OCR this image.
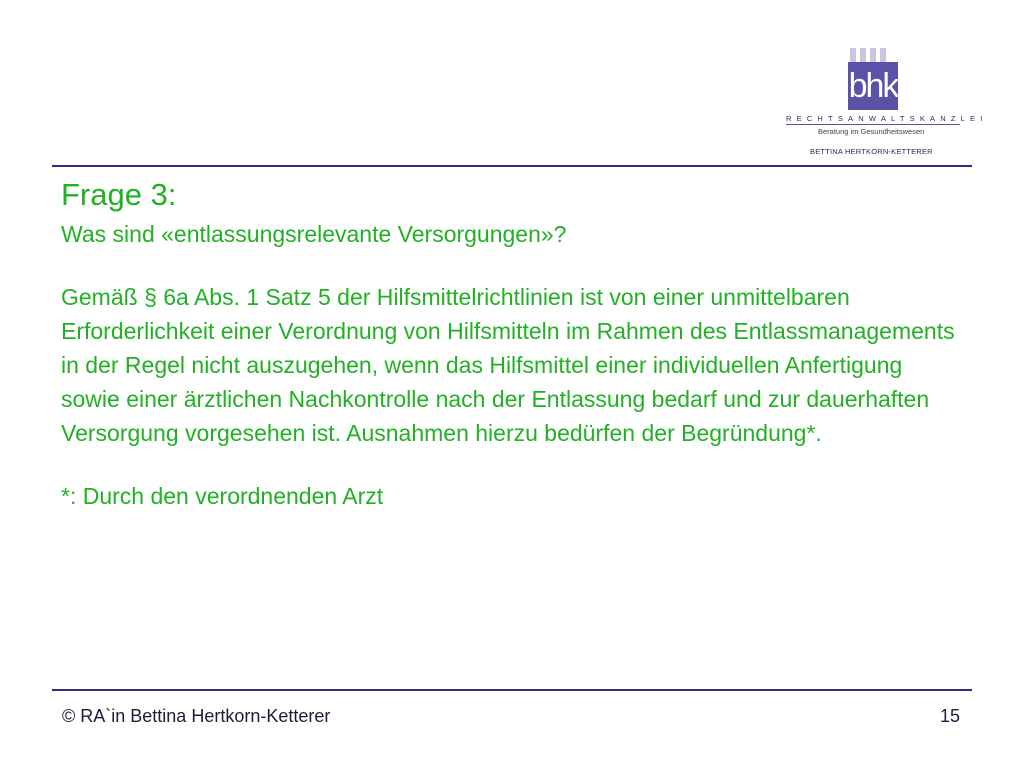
bhk
RECHTSANWALTSKANZLEI
Beratung im Gesundheitswesen
BETTINA HERTKORN-KETTERER
Frage 3:
Was sind «entlassungsrelevante Versorgungen»?
Gemäß § 6a Abs. 1 Satz 5 der Hilfsmittelrichtlinien ist von einer unmittelbaren Erforderlichkeit einer Verordnung von Hilfsmitteln im Rahmen des Entlassmanagements in der Regel nicht auszugehen, wenn das Hilfsmittel einer individuellen Anfertigung sowie einer ärztlichen Nachkontrolle nach der Entlassung bedarf und zur dauerhaften Versorgung vorgesehen ist. Ausnahmen hierzu bedürfen der Begründung*.
*: Durch den verordnenden Arzt
© RA`in Bettina Hertkorn-Ketterer	15
